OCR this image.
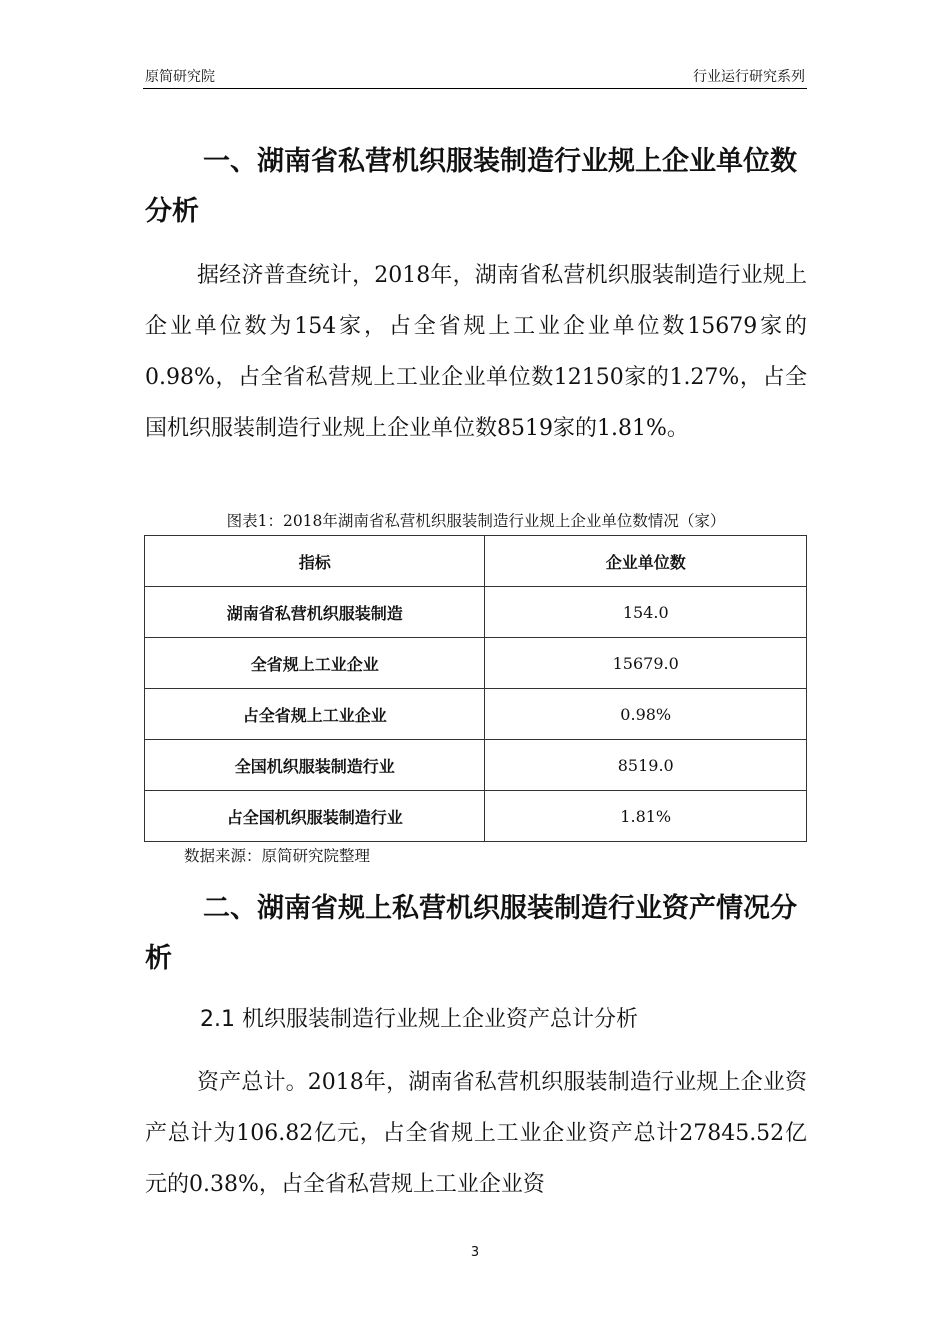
原简研究院	行业运行研究系列
一、湖南省私营机织服装制造行业规上企业单位数分析
据经济普查统计，2018年，湖南省私营机织服装制造行业规上企业单位数为154家，占全省规上工业企业单位数15679家的0.98%，占全省私营规上工业企业单位数12150家的1.27%，占全国机织服装制造行业规上企业单位数8519家的1.81%。
图表1：2018年湖南省私营机织服装制造行业规上企业单位数情况（家）
指标	企业单位数
湖南省私营机织服装制造	154.0
全省规上工业企业	15679.0
占全省规上工业企业	0.98%
全国机织服装制造行业	8519.0
占全国机织服装制造行业	1.81%
数据来源：原简研究院整理
二、湖南省规上私营机织服装制造行业资产情况分析
2.1 机织服装制造行业规上企业资产总计分析
资产总计。2018年，湖南省私营机织服装制造行业规上企业资产总计为106.82亿元，占全省规上工业企业资产总计27845.52亿元的0.38%，占全省私营规上工业企业资
3
